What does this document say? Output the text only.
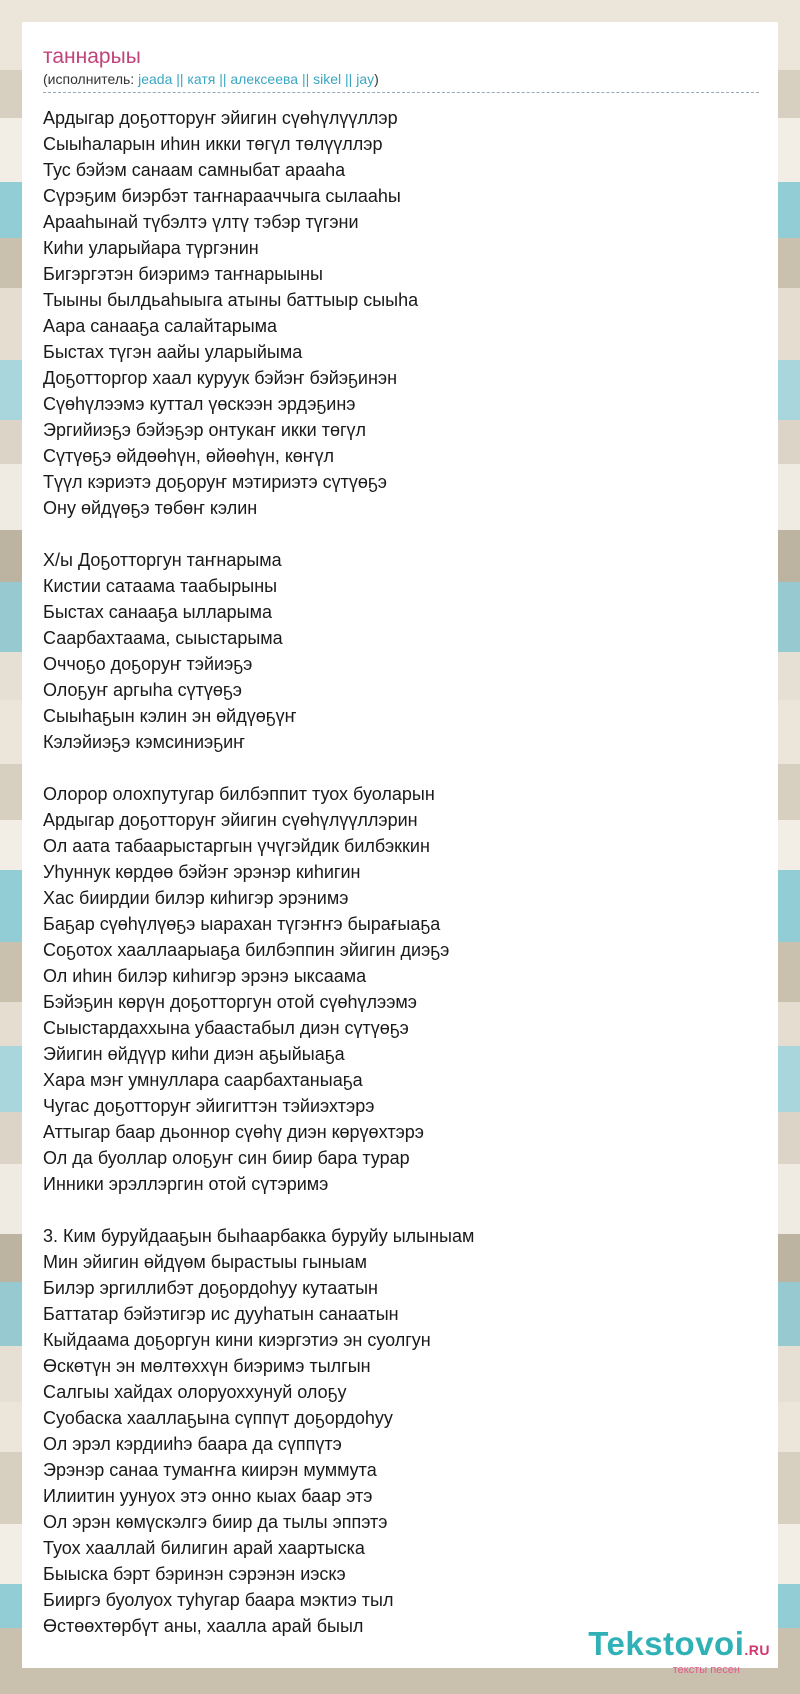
таннарыы
(исполнитель: jeada || катя || алексеева || sikel || jay)
Ардыгар доҕотторуҥ эйигин сүөһүлүүллэр
Сыыһаларын иһин икки төгүл төлүүллэр
Тус бэйэм санаам самныбат арааһа
Сүрэҕим биэрбэт таҥнарааччыга сылааһы
Арааһынай түбэлтэ үлтү тэбэр түгэни
Киһи уларыйара түргэнин
Бигэргэтэн биэримэ таҥнарыыны
Тыыны былдьаһыыга атыны баттыыр сыыһа
Аара санааҕа салайтарыма
Быстах түгэн аайы уларыйыма
Доҕотторгор хаал куруук бэйэҥ бэйэҕинэн
Сүөһүлээмэ куттал үөскээн эрдэҕинэ
Эргийиэҕэ бэйэҕэр онтукаҥ икки төгүл
Сүтүөҕэ өйдөөһүн, өйөөһүн, көҥүл
Түүл кэриэтэ доҕоруҥ мэтириэтэ сүтүөҕэ
Ону өйдүөҕэ төбөҥ кэлин
Х/ы Доҕотторгун таҥнарыма
Кистии сатаама таабырыны
Быстах санааҕа ылларыма
Саарбахтаама, сыыстарыма
Оччоҕо доҕоруҥ тэйиэҕэ
Олоҕуҥ аргыһа сүтүөҕэ
Сыыһаҕын кэлин эн өйдүөҕүҥ
Кэлэйиэҕэ кэмсиниэҕиҥ
Олорор олохпутугар билбэппит туох буоларын
Ардыгар доҕотторуҥ эйигин сүөһүлүүллэрин
Ол аата табаарыстаргын үчүгэйдик билбэккин
Уһуннук көрдөө бэйэҥ эрэнэр киһигин
Хас биирдии билэр киһигэр эрэнимэ
Баҕар сүөһүлүөҕэ ыарахан түгэҥҥэ бырағыаҕа
Соҕотох хааллаарыаҕа билбэппин эйигин диэҕэ
Ол иһин билэр киһигэр эрэнэ ыксаама
Бэйэҕин көрүн доҕотторгун отой сүөһүлээмэ
Сыыстардаххына убаастабыл диэн сүтүөҕэ
Эйигин өйдүүр киһи диэн аҕыйыаҕа
Хара мэҥ умнуллара саарбахтаныаҕа
Чугас доҕотторуҥ эйигиттэн тэйиэхтэрэ
Аттыгар баар дьоннор сүөһү диэн көрүөхтэрэ
Ол да буоллар олоҕуҥ син биир бара турар
Инники эрэллэргин отой сүтэримэ
3. Ким буруйдааҕын быһаарбакка буруйу ылыныам
Мин эйигин өйдүөм бырастыы гыныам
Билэр эргиллибэт доҕордоһуу кутаатын
Баттатар бэйэтигэр ис дууһатын санаатын
Кыйдаама доҕоргун кини киэргэтиэ эн суолгун
Өскөтүн эн мөлтөххүн биэримэ тылгын
Салгыы хайдах олоруоххунуй олоҕу
Суобаска хааллаҕына сүппүт доҕордоһуу
Ол эрэл кэрдииһэ баара да сүппүтэ
Эрэнэр санаа тумаҥҥа киирэн муммута
Илиитин уунуох этэ онно кыах баар этэ
Ол эрэн көмүскэлгэ биир да тылы эппэтэ
Туох хааллай билигин арай хаартыска
Быыска бэрт бэринэн сэрэнэн иэскэ
Бииргэ буолуох туһугар баара мэктиэ тыл
Өстөөхтөрбүт аны, хаалла арай быыл	Tekstovoi.RU
тексты песен
